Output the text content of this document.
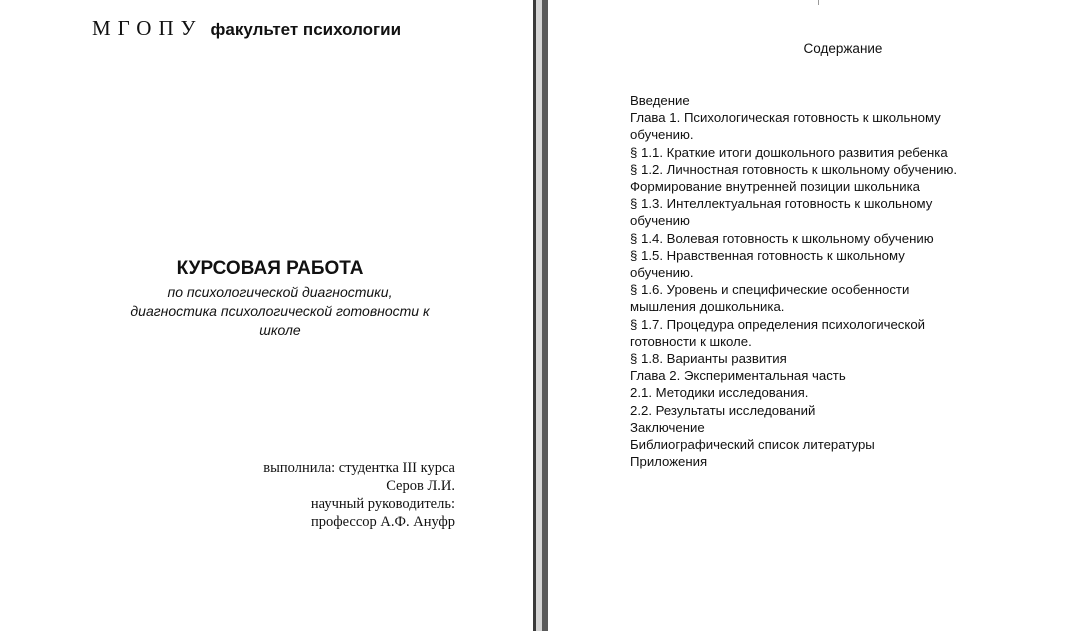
МГОПУ факультет психологии
КУРСОВАЯ РАБОТА
по психологической диагностики,
диагностика психологической готовности к
школе
выполнила: студентка III курса
Серов Л.И.
научный руководитель:
профессор А.Ф. Ануфр
Содержание
Введение
Глава 1. Психологическая готовность к школьному
обучению.
§ 1.1. Краткие итоги дошкольного развития ребенка
§ 1.2. Личностная готовность к школьному обучению.
Формирование внутренней позиции школьника
§ 1.3. Интеллектуальная готовность к школьному
обучению
§ 1.4. Волевая готовность к школьному обучению
§ 1.5. Нравственная готовность к школьному
обучению.
§ 1.6. Уровень и специфические особенности
мышления дошкольника.
§ 1.7. Процедура определения психологической
готовности к школе.
§ 1.8. Варианты развития
Глава 2. Экспериментальная часть
2.1. Методики исследования.
2.2. Результаты исследований
Заключение
Библиографический список литературы
Приложения
